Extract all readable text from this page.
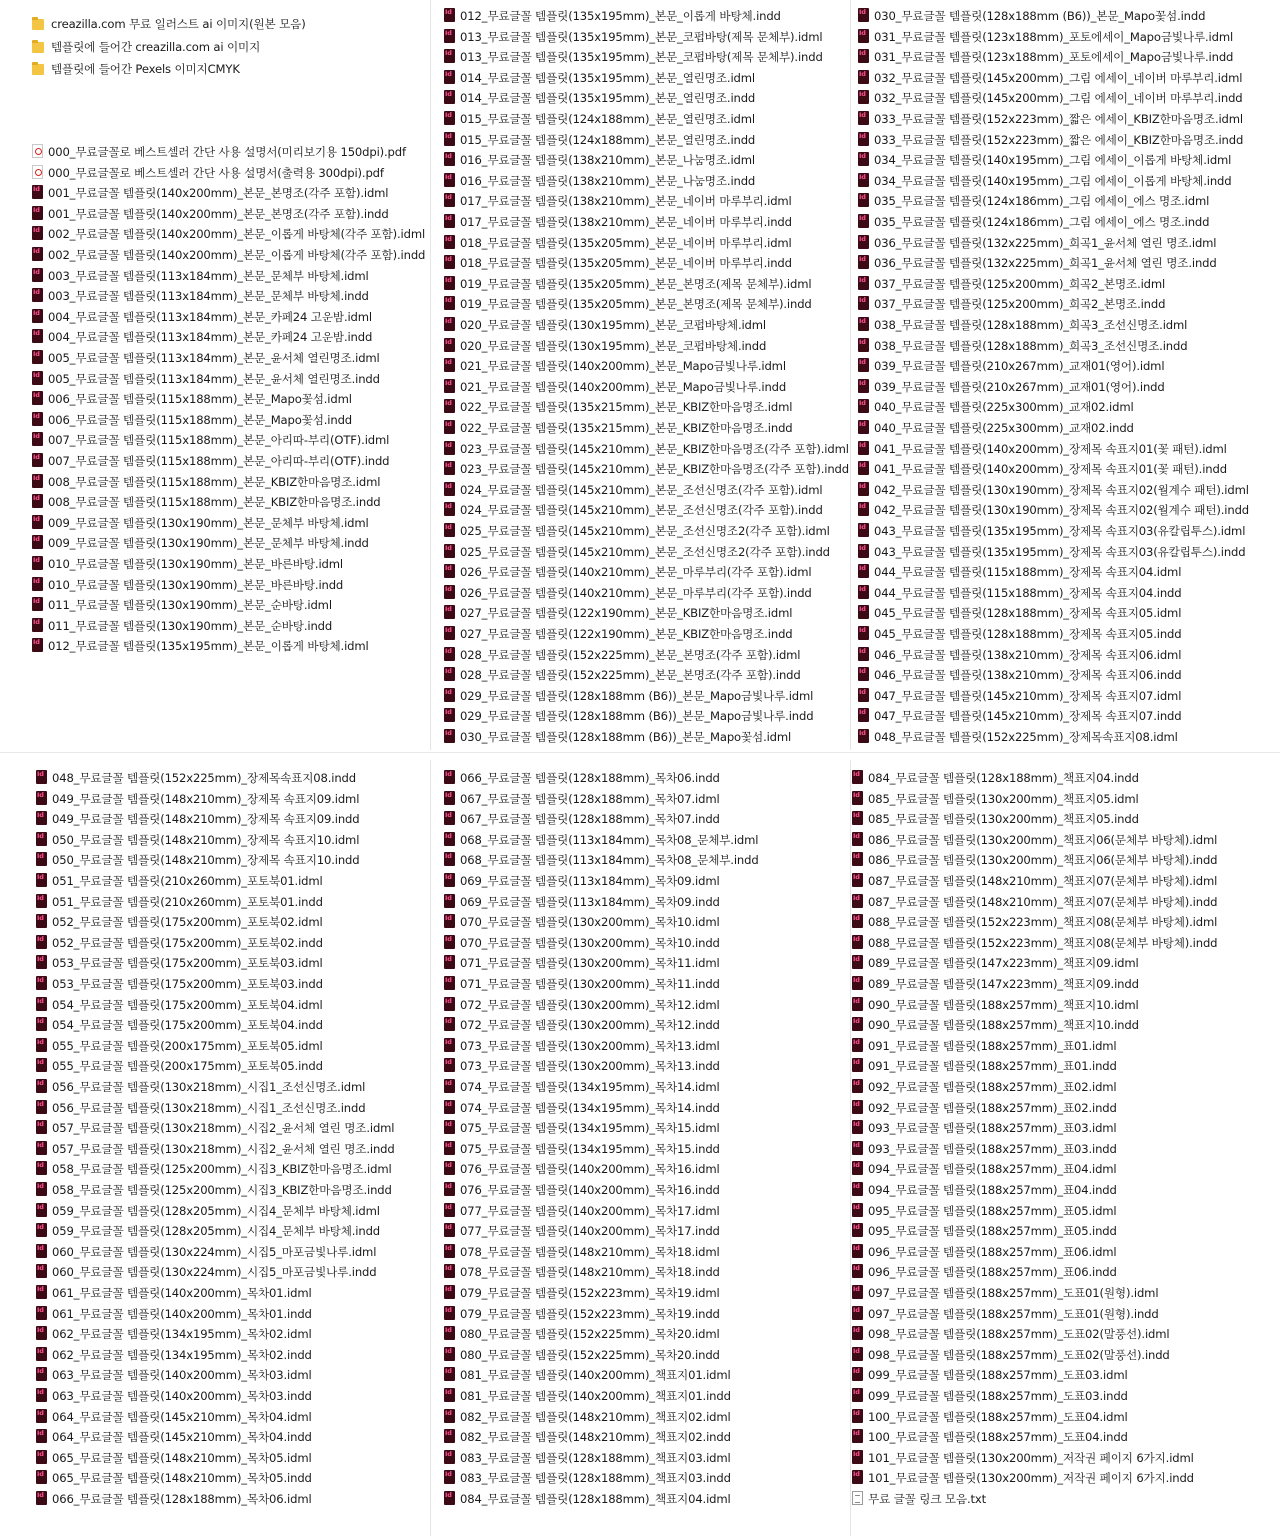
creazilla.com 무료 일러스트 ai 이미지(원본 모음)
템플릿에 들어간 creazilla.com ai 이미지
템플릿에 들어간 Pexels 이미지CMYK
000_무료글꼴로 베스트셀러 간단 사용 설명서(미리보기용 150dpi).pdf
000_무료글꼴로 베스트셀러 간단 사용 설명서(출력용 300dpi).pdf
Id001_무료글꼴 템플릿(140x200mm)_본문_본명조(각주 포함).idml
Id001_무료글꼴 템플릿(140x200mm)_본문_본명조(각주 포함).indd
Id002_무료글꼴 템플릿(140x200mm)_본문_이롭게 바탕체(각주 포함).idml
Id002_무료글꼴 템플릿(140x200mm)_본문_이롭게 바탕체(각주 포함).indd
Id003_무료글꼴 템플릿(113x184mm)_본문_문체부 바탕체.idml
Id003_무료글꼴 템플릿(113x184mm)_본문_문체부 바탕체.indd
Id004_무료글꼴 템플릿(113x184mm)_본문_카페24 고운밤.idml
Id004_무료글꼴 템플릿(113x184mm)_본문_카페24 고운밤.indd
Id005_무료글꼴 템플릿(113x184mm)_본문_윤서체 열린명조.idml
Id005_무료글꼴 템플릿(113x184mm)_본문_윤서체 열린명조.indd
Id006_무료글꼴 템플릿(115x188mm)_본문_Mapo꽃섬.idml
Id006_무료글꼴 템플릿(115x188mm)_본문_Mapo꽃섬.indd
Id007_무료글꼴 템플릿(115x188mm)_본문_아리따-부리(OTF).idml
Id007_무료글꼴 템플릿(115x188mm)_본문_아리따-부리(OTF).indd
Id008_무료글꼴 템플릿(115x188mm)_본문_KBIZ한마음명조.idml
Id008_무료글꼴 템플릿(115x188mm)_본문_KBIZ한마음명조.indd
Id009_무료글꼴 템플릿(130x190mm)_본문_문체부 바탕체.idml
Id009_무료글꼴 템플릿(130x190mm)_본문_문체부 바탕체.indd
Id010_무료글꼴 템플릿(130x190mm)_본문_바른바탕.idml
Id010_무료글꼴 템플릿(130x190mm)_본문_바른바탕.indd
Id011_무료글꼴 템플릿(130x190mm)_본문_순바탕.idml
Id011_무료글꼴 템플릿(130x190mm)_본문_순바탕.indd
Id012_무료글꼴 템플릿(135x195mm)_본문_이롭게 바탕체.idml
Id012_무료글꼴 템플릿(135x195mm)_본문_이롭게 바탕체.indd
Id013_무료글꼴 템플릿(135x195mm)_본문_코펍바탕(제목 문체부).idml
Id013_무료글꼴 템플릿(135x195mm)_본문_코펍바탕(제목 문체부).indd
Id014_무료글꼴 템플릿(135x195mm)_본문_열린명조.idml
Id014_무료글꼴 템플릿(135x195mm)_본문_열린명조.indd
Id015_무료글꼴 템플릿(124x188mm)_본문_열린명조.idml
Id015_무료글꼴 템플릿(124x188mm)_본문_열린명조.indd
Id016_무료글꼴 템플릿(138x210mm)_본문_나눔명조.idml
Id016_무료글꼴 템플릿(138x210mm)_본문_나눔명조.indd
Id017_무료글꼴 템플릿(138x210mm)_본문_네이버 마루부리.idml
Id017_무료글꼴 템플릿(138x210mm)_본문_네이버 마루부리.indd
Id018_무료글꼴 템플릿(135x205mm)_본문_네이버 마루부리.idml
Id018_무료글꼴 템플릿(135x205mm)_본문_네이버 마루부리.indd
Id019_무료글꼴 템플릿(135x205mm)_본문_본명조(제목 문체부).idml
Id019_무료글꼴 템플릿(135x205mm)_본문_본명조(제목 문체부).indd
Id020_무료글꼴 템플릿(130x195mm)_본문_코펍바탕체.idml
Id020_무료글꼴 템플릿(130x195mm)_본문_코펍바탕체.indd
Id021_무료글꼴 템플릿(140x200mm)_본문_Mapo금빛나루.idml
Id021_무료글꼴 템플릿(140x200mm)_본문_Mapo금빛나루.indd
Id022_무료글꼴 템플릿(135x215mm)_본문_KBIZ한마음명조.idml
Id022_무료글꼴 템플릿(135x215mm)_본문_KBIZ한마음명조.indd
Id023_무료글꼴 템플릿(145x210mm)_본문_KBIZ한마음명조(각주 포함).idml
Id023_무료글꼴 템플릿(145x210mm)_본문_KBIZ한마음명조(각주 포함).indd
Id024_무료글꼴 템플릿(145x210mm)_본문_조선신명조(각주 포함).idml
Id024_무료글꼴 템플릿(145x210mm)_본문_조선신명조(각주 포함).indd
Id025_무료글꼴 템플릿(145x210mm)_본문_조선신명조2(각주 포함).idml
Id025_무료글꼴 템플릿(145x210mm)_본문_조선신명조2(각주 포함).indd
Id026_무료글꼴 템플릿(140x210mm)_본문_마루부리(각주 포함).idml
Id026_무료글꼴 템플릿(140x210mm)_본문_마루부리(각주 포함).indd
Id027_무료글꼴 템플릿(122x190mm)_본문_KBIZ한마음명조.idml
Id027_무료글꼴 템플릿(122x190mm)_본문_KBIZ한마음명조.indd
Id028_무료글꼴 템플릿(152x225mm)_본문_본명조(각주 포함).idml
Id028_무료글꼴 템플릿(152x225mm)_본문_본명조(각주 포함).indd
Id029_무료글꼴 템플릿(128x188mm (B6))_본문_Mapo금빛나루.idml
Id029_무료글꼴 템플릿(128x188mm (B6))_본문_Mapo금빛나루.indd
Id030_무료글꼴 템플릿(128x188mm (B6))_본문_Mapo꽃섬.idml
Id030_무료글꼴 템플릿(128x188mm (B6))_본문_Mapo꽃섬.indd
Id031_무료글꼴 템플릿(123x188mm)_포토에세이_Mapo금빛나루.idml
Id031_무료글꼴 템플릿(123x188mm)_포토에세이_Mapo금빛나루.indd
Id032_무료글꼴 템플릿(145x200mm)_그림 에세이_네이버 마루부리.idml
Id032_무료글꼴 템플릿(145x200mm)_그림 에세이_네이버 마루부리.indd
Id033_무료글꼴 템플릿(152x223mm)_짧은 에세이_KBIZ한마음명조.idml
Id033_무료글꼴 템플릿(152x223mm)_짧은 에세이_KBIZ한마음명조.indd
Id034_무료글꼴 템플릿(140x195mm)_그림 에세이_이롭게 바탕체.idml
Id034_무료글꼴 템플릿(140x195mm)_그림 에세이_이롭게 바탕체.indd
Id035_무료글꼴 템플릿(124x186mm)_그림 에세이_에스 명조.idml
Id035_무료글꼴 템플릿(124x186mm)_그림 에세이_에스 명조.indd
Id036_무료글꼴 템플릿(132x225mm)_희곡1_윤서체 열린 명조.idml
Id036_무료글꼴 템플릿(132x225mm)_희곡1_윤서체 열린 명조.indd
Id037_무료글꼴 템플릿(125x200mm)_희곡2_본명조.idml
Id037_무료글꼴 템플릿(125x200mm)_희곡2_본명조.indd
Id038_무료글꼴 템플릿(128x188mm)_희곡3_조선신명조.idml
Id038_무료글꼴 템플릿(128x188mm)_희곡3_조선신명조.indd
Id039_무료글꼴 템플릿(210x267mm)_교재01(영어).idml
Id039_무료글꼴 템플릿(210x267mm)_교재01(영어).indd
Id040_무료글꼴 템플릿(225x300mm)_교재02.idml
Id040_무료글꼴 템플릿(225x300mm)_교재02.indd
Id041_무료글꼴 템플릿(140x200mm)_장제목 속표지01(꽃 패턴).idml
Id041_무료글꼴 템플릿(140x200mm)_장제목 속표지01(꽃 패턴).indd
Id042_무료글꼴 템플릿(130x190mm)_장제목 속표지02(월계수 패턴).idml
Id042_무료글꼴 템플릿(130x190mm)_장제목 속표지02(월계수 패턴).indd
Id043_무료글꼴 템플릿(135x195mm)_장제목 속표지03(유칼립투스).idml
Id043_무료글꼴 템플릿(135x195mm)_장제목 속표지03(유칼립투스).indd
Id044_무료글꼴 템플릿(115x188mm)_장제목 속표지04.idml
Id044_무료글꼴 템플릿(115x188mm)_장제목 속표지04.indd
Id045_무료글꼴 템플릿(128x188mm)_장제목 속표지05.idml
Id045_무료글꼴 템플릿(128x188mm)_장제목 속표지05.indd
Id046_무료글꼴 템플릿(138x210mm)_장제목 속표지06.idml
Id046_무료글꼴 템플릿(138x210mm)_장제목 속표지06.indd
Id047_무료글꼴 템플릿(145x210mm)_장제목 속표지07.idml
Id047_무료글꼴 템플릿(145x210mm)_장제목 속표지07.indd
Id048_무료글꼴 템플릿(152x225mm)_장제목속표지08.idml
Id048_무료글꼴 템플릿(152x225mm)_장제목속표지08.indd
Id049_무료글꼴 템플릿(148x210mm)_장제목 속표지09.idml
Id049_무료글꼴 템플릿(148x210mm)_장제목 속표지09.indd
Id050_무료글꼴 템플릿(148x210mm)_장제목 속표지10.idml
Id050_무료글꼴 템플릿(148x210mm)_장제목 속표지10.indd
Id051_무료글꼴 템플릿(210x260mm)_포토북01.idml
Id051_무료글꼴 템플릿(210x260mm)_포토북01.indd
Id052_무료글꼴 템플릿(175x200mm)_포토북02.idml
Id052_무료글꼴 템플릿(175x200mm)_포토북02.indd
Id053_무료글꼴 템플릿(175x200mm)_포토북03.idml
Id053_무료글꼴 템플릿(175x200mm)_포토북03.indd
Id054_무료글꼴 템플릿(175x200mm)_포토북04.idml
Id054_무료글꼴 템플릿(175x200mm)_포토북04.indd
Id055_무료글꼴 템플릿(200x175mm)_포토북05.idml
Id055_무료글꼴 템플릿(200x175mm)_포토북05.indd
Id056_무료글꼴 템플릿(130x218mm)_시집1_조선신명조.idml
Id056_무료글꼴 템플릿(130x218mm)_시집1_조선신명조.indd
Id057_무료글꼴 템플릿(130x218mm)_시집2_윤서체 열린 명조.idml
Id057_무료글꼴 템플릿(130x218mm)_시집2_윤서체 열린 명조.indd
Id058_무료글꼴 템플릿(125x200mm)_시집3_KBIZ한마음명조.idml
Id058_무료글꼴 템플릿(125x200mm)_시집3_KBIZ한마음명조.indd
Id059_무료글꼴 템플릿(128x205mm)_시집4_문체부 바탕체.idml
Id059_무료글꼴 템플릿(128x205mm)_시집4_문체부 바탕체.indd
Id060_무료글꼴 템플릿(130x224mm)_시집5_마포금빛나루.idml
Id060_무료글꼴 템플릿(130x224mm)_시집5_마포금빛나루.indd
Id061_무료글꼴 템플릿(140x200mm)_목차01.idml
Id061_무료글꼴 템플릿(140x200mm)_목차01.indd
Id062_무료글꼴 템플릿(134x195mm)_목차02.idml
Id062_무료글꼴 템플릿(134x195mm)_목차02.indd
Id063_무료글꼴 템플릿(140x200mm)_목차03.idml
Id063_무료글꼴 템플릿(140x200mm)_목차03.indd
Id064_무료글꼴 템플릿(145x210mm)_목차04.idml
Id064_무료글꼴 템플릿(145x210mm)_목차04.indd
Id065_무료글꼴 템플릿(148x210mm)_목차05.idml
Id065_무료글꼴 템플릿(148x210mm)_목차05.indd
Id066_무료글꼴 템플릿(128x188mm)_목차06.idml
Id066_무료글꼴 템플릿(128x188mm)_목차06.indd
Id067_무료글꼴 템플릿(128x188mm)_목차07.idml
Id067_무료글꼴 템플릿(128x188mm)_목차07.indd
Id068_무료글꼴 템플릿(113x184mm)_목차08_문체부.idml
Id068_무료글꼴 템플릿(113x184mm)_목차08_문체부.indd
Id069_무료글꼴 템플릿(113x184mm)_목차09.idml
Id069_무료글꼴 템플릿(113x184mm)_목차09.indd
Id070_무료글꼴 템플릿(130x200mm)_목차10.idml
Id070_무료글꼴 템플릿(130x200mm)_목차10.indd
Id071_무료글꼴 템플릿(130x200mm)_목차11.idml
Id071_무료글꼴 템플릿(130x200mm)_목차11.indd
Id072_무료글꼴 템플릿(130x200mm)_목차12.idml
Id072_무료글꼴 템플릿(130x200mm)_목차12.indd
Id073_무료글꼴 템플릿(130x200mm)_목차13.idml
Id073_무료글꼴 템플릿(130x200mm)_목차13.indd
Id074_무료글꼴 템플릿(134x195mm)_목차14.idml
Id074_무료글꼴 템플릿(134x195mm)_목차14.indd
Id075_무료글꼴 템플릿(134x195mm)_목차15.idml
Id075_무료글꼴 템플릿(134x195mm)_목차15.indd
Id076_무료글꼴 템플릿(140x200mm)_목차16.idml
Id076_무료글꼴 템플릿(140x200mm)_목차16.indd
Id077_무료글꼴 템플릿(140x200mm)_목차17.idml
Id077_무료글꼴 템플릿(140x200mm)_목차17.indd
Id078_무료글꼴 템플릿(148x210mm)_목차18.idml
Id078_무료글꼴 템플릿(148x210mm)_목차18.indd
Id079_무료글꼴 템플릿(152x223mm)_목차19.idml
Id079_무료글꼴 템플릿(152x223mm)_목차19.indd
Id080_무료글꼴 템플릿(152x225mm)_목차20.idml
Id080_무료글꼴 템플릿(152x225mm)_목차20.indd
Id081_무료글꼴 템플릿(140x200mm)_책표지01.idml
Id081_무료글꼴 템플릿(140x200mm)_책표지01.indd
Id082_무료글꼴 템플릿(148x210mm)_책표지02.idml
Id082_무료글꼴 템플릿(148x210mm)_책표지02.indd
Id083_무료글꼴 템플릿(128x188mm)_책표지03.idml
Id083_무료글꼴 템플릿(128x188mm)_책표지03.indd
Id084_무료글꼴 템플릿(128x188mm)_책표지04.idml
Id084_무료글꼴 템플릿(128x188mm)_책표지04.indd
Id085_무료글꼴 템플릿(130x200mm)_책표지05.idml
Id085_무료글꼴 템플릿(130x200mm)_책표지05.indd
Id086_무료글꼴 템플릿(130x200mm)_책표지06(문체부 바탕체).idml
Id086_무료글꼴 템플릿(130x200mm)_책표지06(문체부 바탕체).indd
Id087_무료글꼴 템플릿(148x210mm)_책표지07(문체부 바탕체).idml
Id087_무료글꼴 템플릿(148x210mm)_책표지07(문체부 바탕체).indd
Id088_무료글꼴 템플릿(152x223mm)_책표지08(문체부 바탕체).idml
Id088_무료글꼴 템플릿(152x223mm)_책표지08(문체부 바탕체).indd
Id089_무료글꼴 템플릿(147x223mm)_책표지09.idml
Id089_무료글꼴 템플릿(147x223mm)_책표지09.indd
Id090_무료글꼴 템플릿(188x257mm)_책표지10.idml
Id090_무료글꼴 템플릿(188x257mm)_책표지10.indd
Id091_무료글꼴 템플릿(188x257mm)_표01.idml
Id091_무료글꼴 템플릿(188x257mm)_표01.indd
Id092_무료글꼴 템플릿(188x257mm)_표02.idml
Id092_무료글꼴 템플릿(188x257mm)_표02.indd
Id093_무료글꼴 템플릿(188x257mm)_표03.idml
Id093_무료글꼴 템플릿(188x257mm)_표03.indd
Id094_무료글꼴 템플릿(188x257mm)_표04.idml
Id094_무료글꼴 템플릿(188x257mm)_표04.indd
Id095_무료글꼴 템플릿(188x257mm)_표05.idml
Id095_무료글꼴 템플릿(188x257mm)_표05.indd
Id096_무료글꼴 템플릿(188x257mm)_표06.idml
Id096_무료글꼴 템플릿(188x257mm)_표06.indd
Id097_무료글꼴 템플릿(188x257mm)_도표01(원형).idml
Id097_무료글꼴 템플릿(188x257mm)_도표01(원형).indd
Id098_무료글꼴 템플릿(188x257mm)_도표02(말풍선).idml
Id098_무료글꼴 템플릿(188x257mm)_도표02(말풍선).indd
Id099_무료글꼴 템플릿(188x257mm)_도표03.idml
Id099_무료글꼴 템플릿(188x257mm)_도표03.indd
Id100_무료글꼴 템플릿(188x257mm)_도표04.idml
Id100_무료글꼴 템플릿(188x257mm)_도표04.indd
Id101_무료글꼴 템플릿(130x200mm)_저작권 페이지 6가지.idml
Id101_무료글꼴 템플릿(130x200mm)_저작권 페이지 6가지.indd
무료 글꼴 링크 모음.txt
